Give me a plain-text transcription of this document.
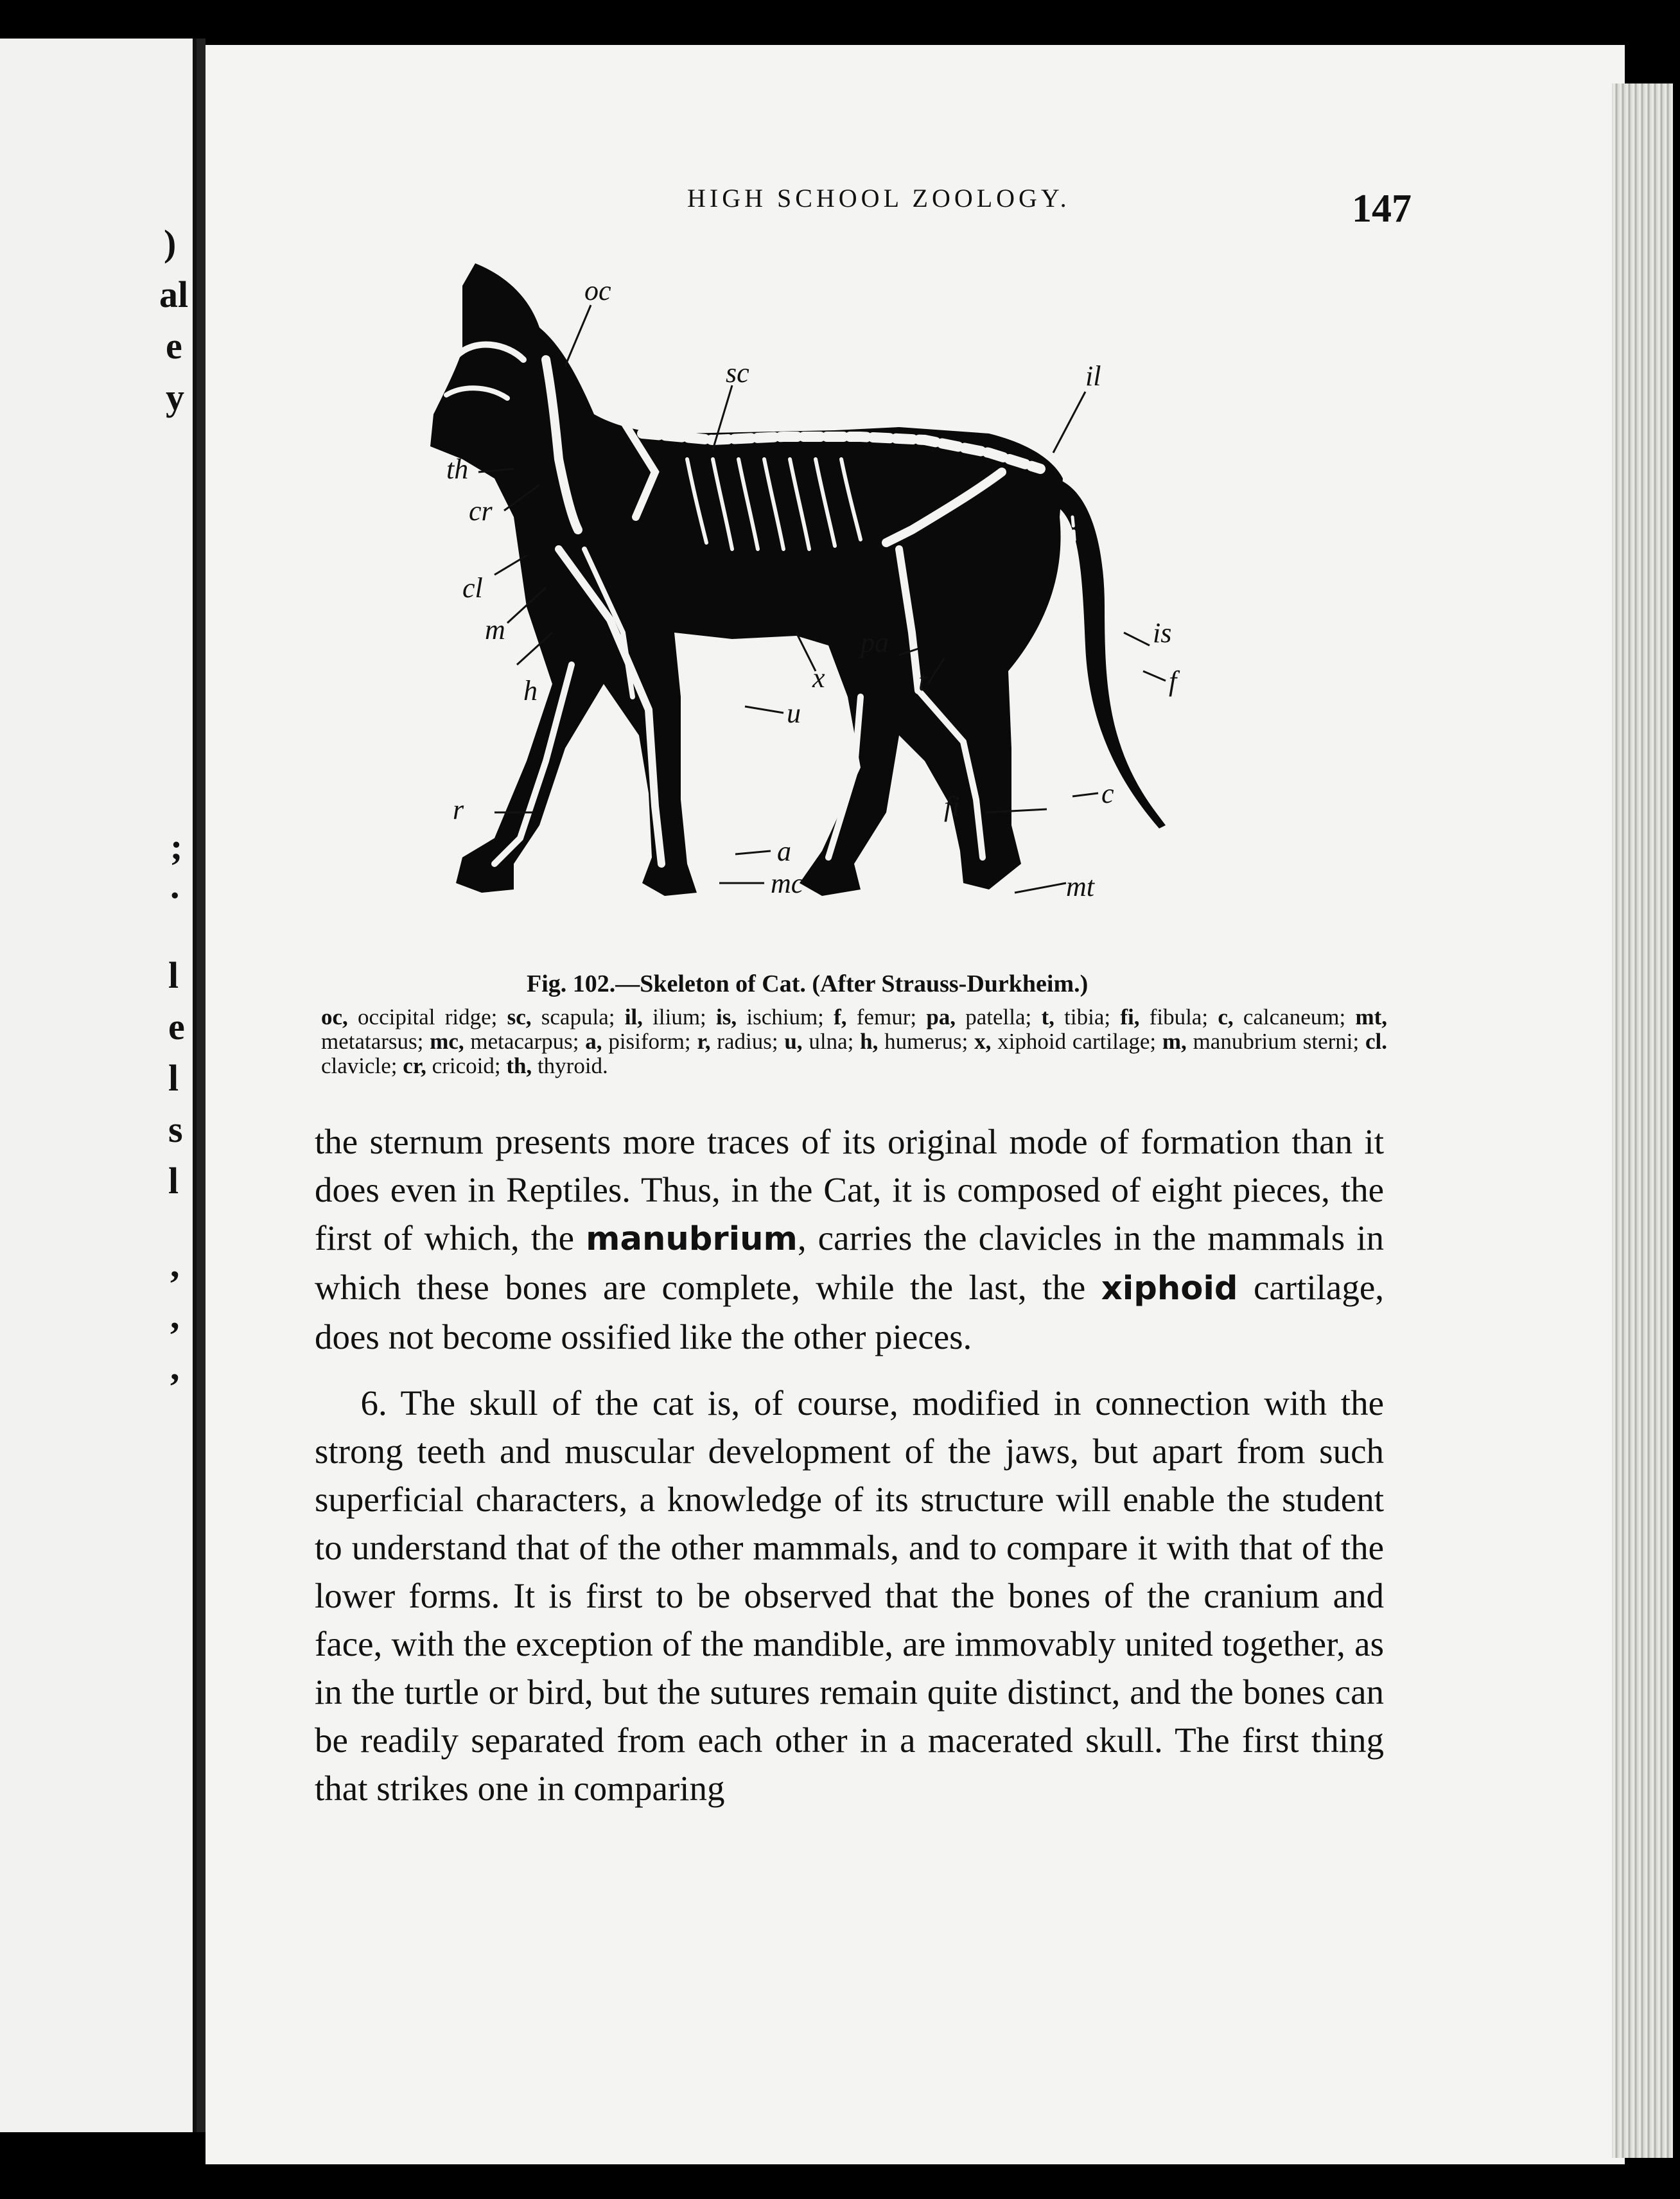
)
al
e
y
;
.
l
e
l
s
l
,
,
,
HIGH SCHOOL ZOOLOGY.	147
oc
sc	il
th
cr
cl
m
h	x
u
pa
t
is
f
r
a
mc
fi	c
mt
Fig. 102.—Skeleton of Cat. (After Strauss-Durkheim.)
oc, occipital ridge; sc, scapula; il, ilium; is, ischium; f, femur; pa, patella; t, tibia; fi, fibula; c, calcaneum; mt, metatarsus; mc, metacarpus; a, pisiform; r, radius; u, ulna; h, humerus; x, xiphoid cartilage; m, manubrium sterni; cl. clavicle; cr, cricoid; th, thyroid.

the sternum presents more traces of its original mode of formation than it does even in Reptiles. Thus, in the Cat, it is composed of eight pieces, the first of which, the manubrium, carries the clavicles in the mammals in which these bones are complete, while the last, the xiphoid cartilage, does not become ossified like the other pieces.

6. The skull of the cat is, of course, modified in connection with the strong teeth and muscular development of the jaws, but apart from such superficial characters, a knowledge of its structure will enable the student to understand that of the other mammals, and to compare it with that of the lower forms. It is first to be observed that the bones of the cranium and face, with the exception of the mandible, are immovably united together, as in the turtle or bird, but the sutures remain quite distinct, and the bones can be readily separated from each other in a macerated skull. The first thing that strikes one in comparing
